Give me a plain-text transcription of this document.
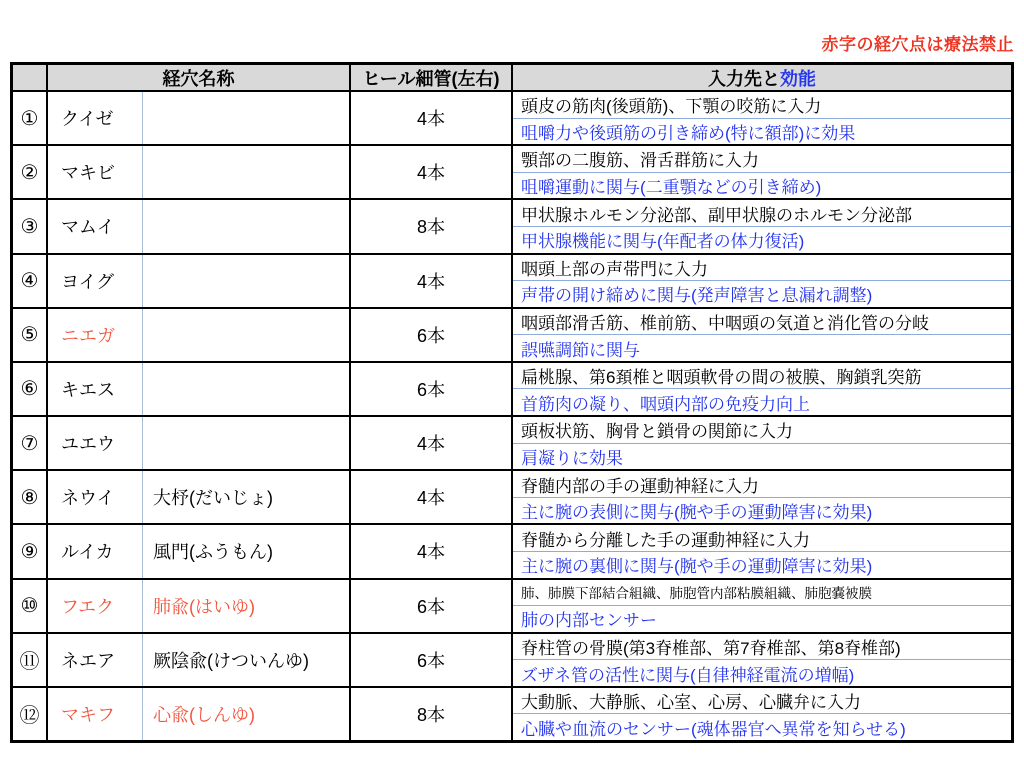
赤字の経穴点は療法禁止
経穴名称	ヒール細管(左右)	入力先と 効能
①	クイゼ	4本
頭皮の筋肉(後頭筋)、下顎の咬筋に入力
咀嚼力や後頭筋の引き締め(特に額部)に効果
②	マキビ	4本
顎部の二腹筋、滑舌群筋に入力
咀嚼運動に関与(二重顎などの引き締め)
③	マムイ	8本
甲状腺ホルモン分泌部、副甲状腺のホルモン分泌部
甲状腺機能に関与(年配者の体力復活)
④	ヨイグ	4本
咽頭上部の声帯門に入力
声帯の開け締めに関与(発声障害と息漏れ調整)
⑤	ニエガ	6本
咽頭部滑舌筋、椎前筋、中咽頭の気道と消化管の分岐
誤嚥調節に関与
⑥	キエス	6本
扁桃腺、第6頚椎と咽頭軟骨の間の被膜、胸鎖乳突筋
首筋肉の凝り、咽頭内部の免疫力向上
⑦	ユエウ	4本
頭板状筋、胸骨と鎖骨の関節に入力
肩凝りに効果
⑧	ネウイ	大杼(だいじょ)	4本
脊髄内部の手の運動神経に入力
主に腕の表側に関与(腕や手の運動障害に効果)
⑨	ルイカ	風門(ふうもん)	4本
脊髄から分離した手の運動神経に入力
主に腕の裏側に関与(腕や手の運動障害に効果)
⑩	フエク	肺兪(はいゆ)	6本
肺、肺膜下部結合組織、肺胞管内部粘膜組織、肺胞嚢被膜
肺の内部センサー
⑪	ネエア	厥陰兪(けついんゆ)	6本
脊柱管の骨膜(第3脊椎部、第7脊椎部、第8脊椎部)
ズザネ管の活性に関与(自律神経電流の増幅)
⑫	マキフ	心兪(しんゆ)	8本
大動脈、大静脈、心室、心房、心臓弁に入力
心臓や血流のセンサー(魂体器官へ異常を知らせる)
